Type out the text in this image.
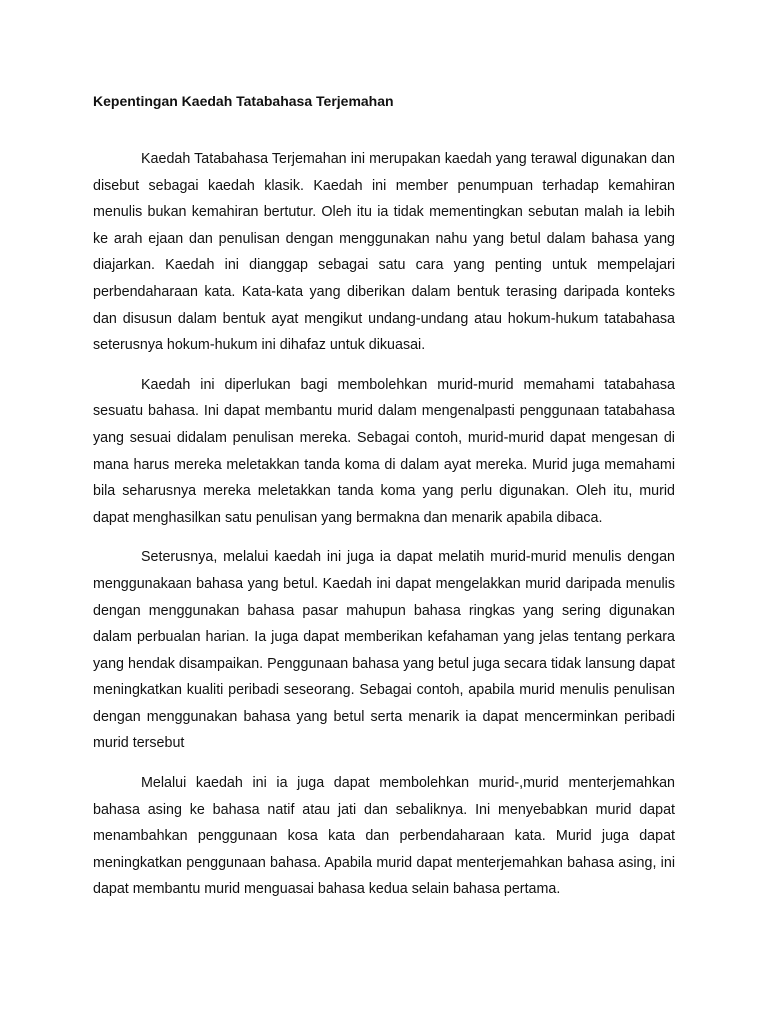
Kepentingan Kaedah Tatabahasa Terjemahan

Kaedah Tatabahasa Terjemahan ini merupakan kaedah yang terawal digunakan dan disebut sebagai kaedah klasik. Kaedah ini member penumpuan terhadap kemahiran menulis bukan kemahiran bertutur. Oleh itu ia tidak mementingkan sebutan malah ia lebih ke arah ejaan dan penulisan dengan menggunakan nahu yang betul dalam bahasa yang diajarkan. Kaedah ini dianggap sebagai satu cara yang penting untuk mempelajari perbendaharaan kata. Kata-kata yang diberikan dalam bentuk terasing daripada konteks dan disusun dalam bentuk ayat mengikut undang-undang atau hokum-hukum tatabahasa seterusnya hokum-hukum ini dihafaz untuk dikuasai.

Kaedah ini diperlukan bagi membolehkan murid-murid memahami tatabahasa sesuatu bahasa. Ini dapat membantu murid dalam mengenalpasti penggunaan tatabahasa yang sesuai didalam penulisan mereka. Sebagai contoh, murid-murid dapat mengesan di mana harus mereka meletakkan tanda koma di dalam ayat mereka. Murid juga memahami bila seharusnya mereka meletakkan tanda koma yang perlu digunakan. Oleh itu, murid dapat menghasilkan satu penulisan yang bermakna dan menarik apabila dibaca.

Seterusnya, melalui kaedah ini juga ia dapat melatih murid-murid menulis dengan menggunakaan bahasa yang betul. Kaedah ini dapat mengelakkan murid daripada menulis dengan menggunakan bahasa pasar mahupun bahasa ringkas yang sering digunakan dalam perbualan harian. Ia juga dapat memberikan kefahaman yang jelas tentang perkara yang hendak disampaikan. Penggunaan bahasa yang betul juga secara tidak lansung dapat meningkatkan kualiti peribadi seseorang. Sebagai contoh, apabila murid menulis penulisan dengan menggunakan bahasa yang betul serta menarik ia dapat mencerminkan peribadi murid tersebut

Melalui kaedah ini ia juga dapat membolehkan murid-,murid menterjemahkan bahasa asing ke bahasa natif atau jati dan sebaliknya. Ini menyebabkan murid dapat menambahkan penggunaan kosa kata dan perbendaharaan kata. Murid juga dapat meningkatkan penggunaan bahasa. Apabila murid dapat menterjemahkan bahasa asing, ini dapat membantu murid menguasai bahasa kedua selain bahasa pertama.
